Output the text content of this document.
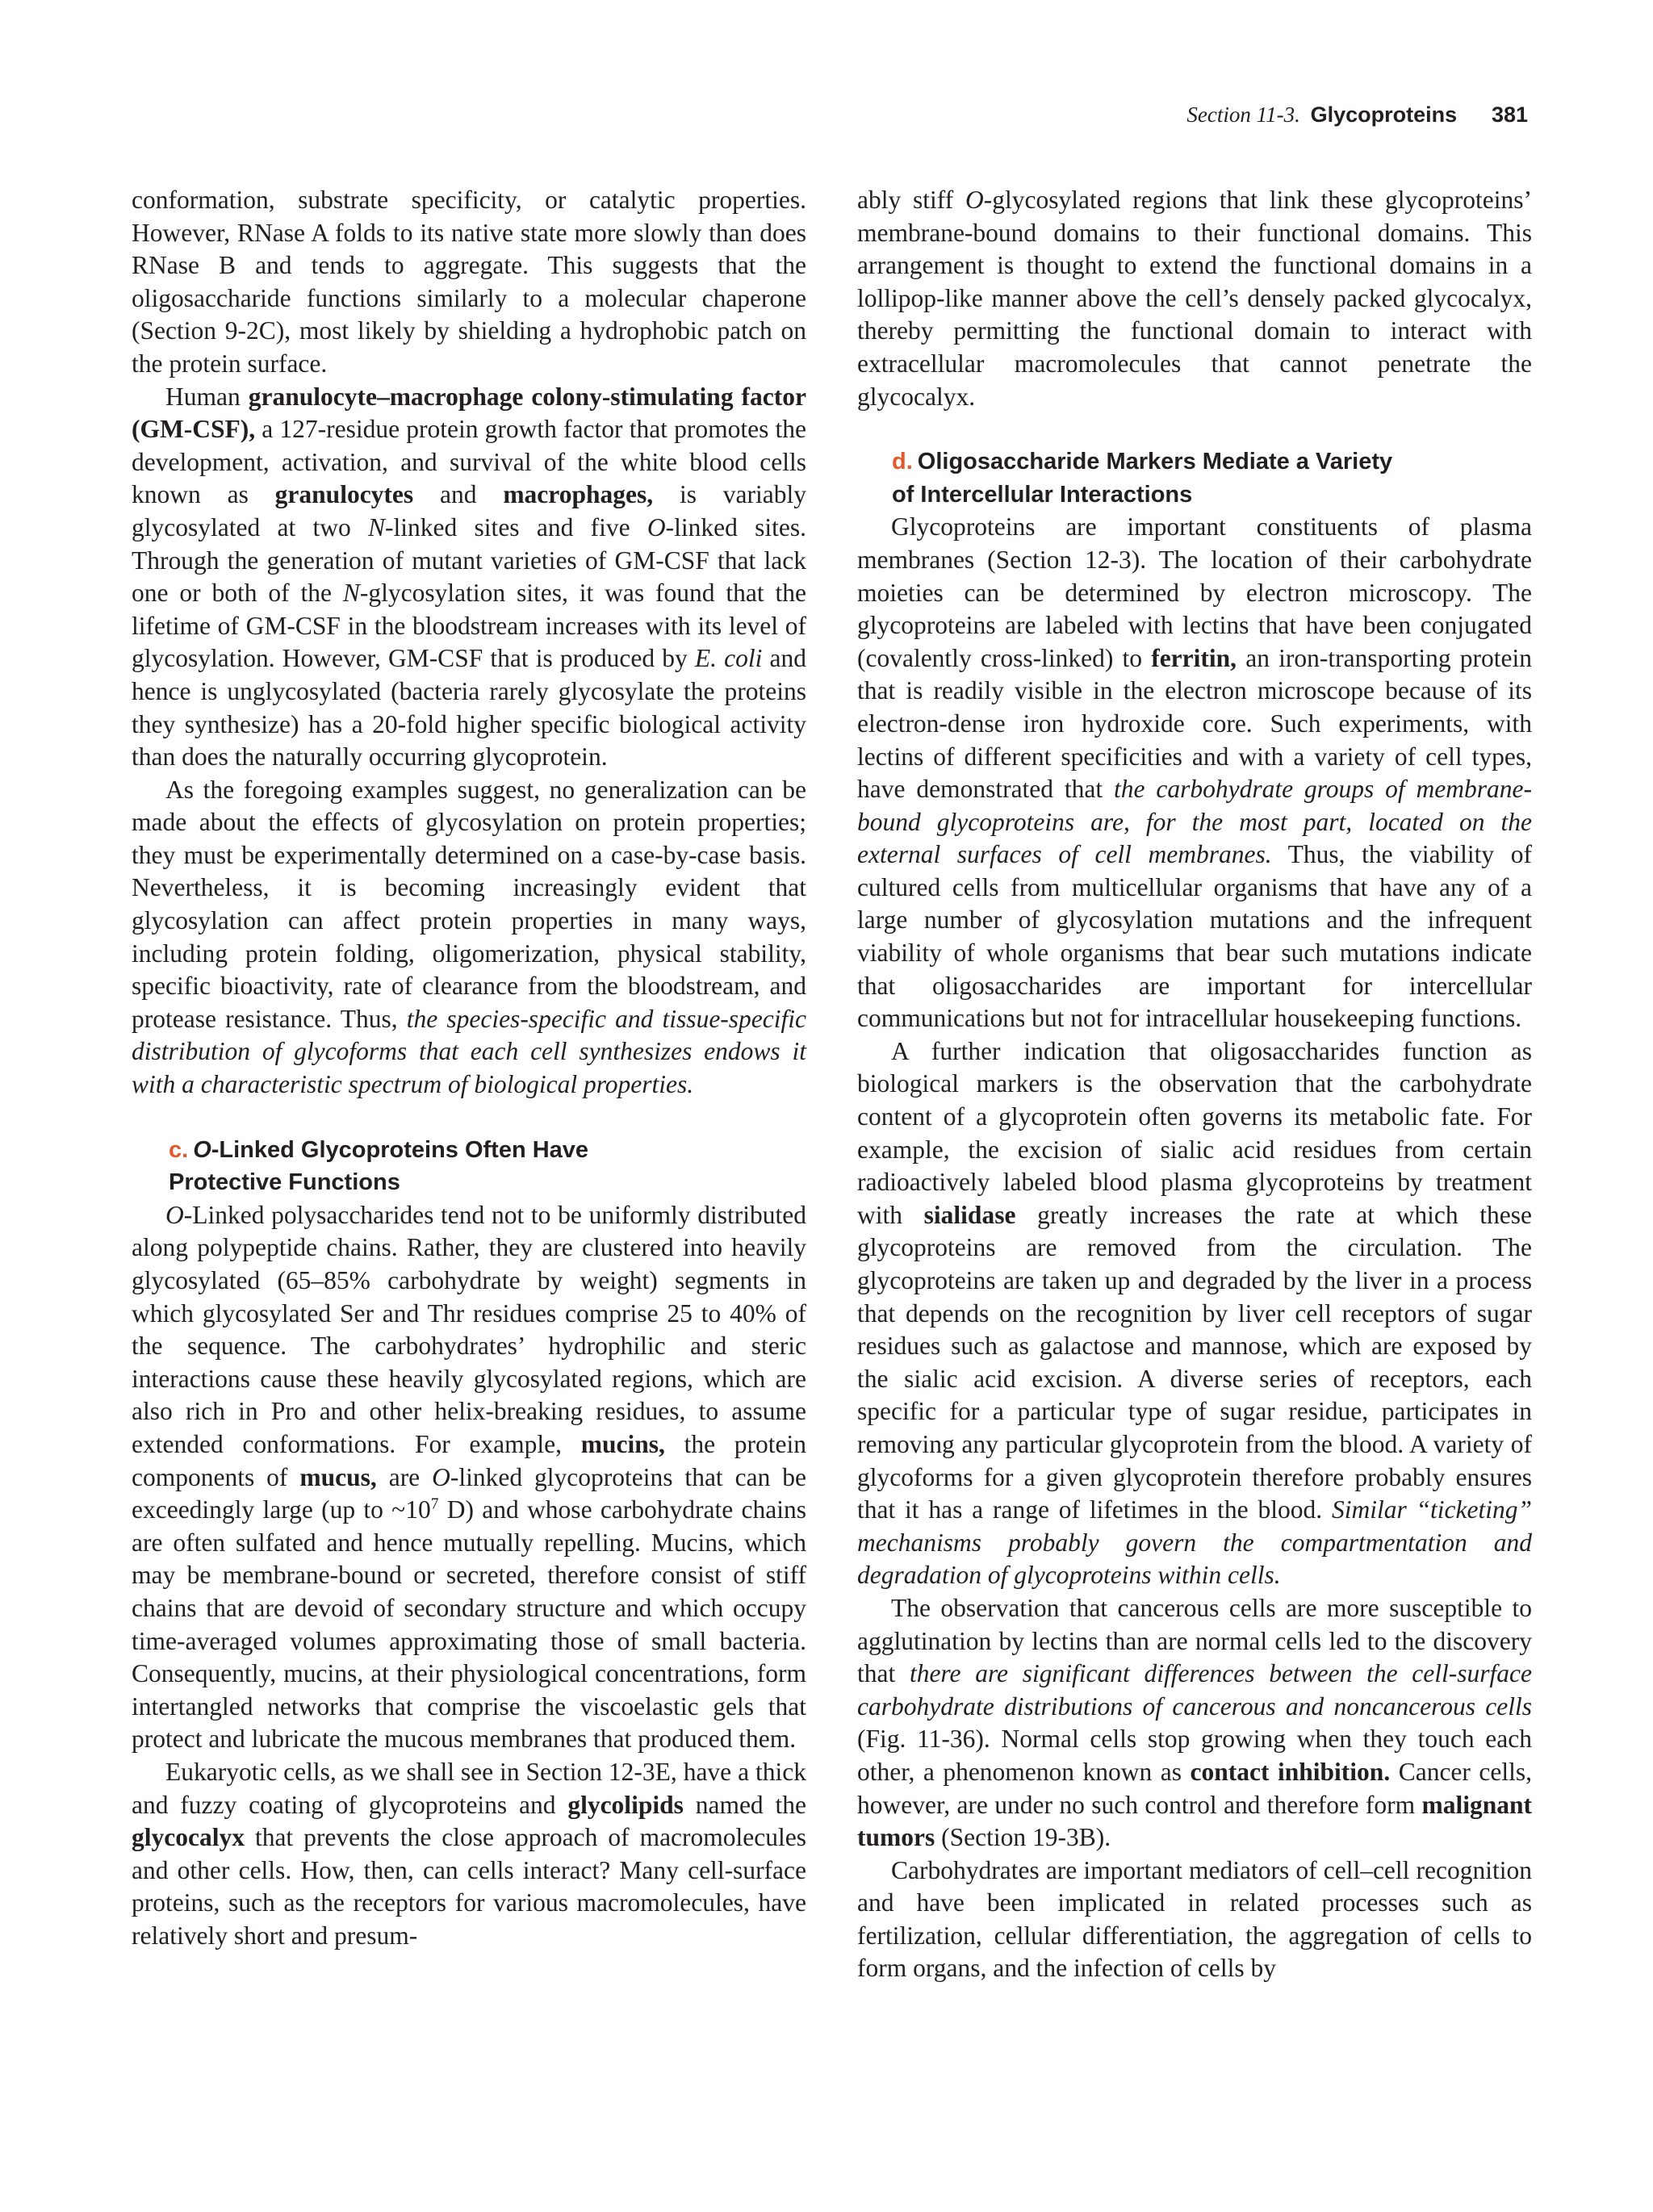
Section 11-3. Glycoproteins 381

conformation, substrate specificity, or catalytic properties. However, RNase A folds to its native state more slowly than does RNase B and tends to aggregate. This suggests that the oligosaccharide functions similarly to a molecular chaperone (Section 9-2C), most likely by shielding a hydrophobic patch on the protein surface.

Human granulocyte–macrophage colony-stimulating factor (GM-CSF), a 127-residue protein growth factor that promotes the development, activation, and survival of the white blood cells known as granulocytes and macrophages, is variably glycosylated at two N-linked sites and five O-linked sites. Through the generation of mutant varieties of GM-CSF that lack one or both of the N-glycosylation sites, it was found that the lifetime of GM-CSF in the bloodstream increases with its level of glycosylation. However, GM-CSF that is produced by E. coli and hence is unglycosylated (bacteria rarely glycosylate the proteins they synthesize) has a 20-fold higher specific biological activity than does the naturally occurring glycoprotein.

As the foregoing examples suggest, no generalization can be made about the effects of glycosylation on protein properties; they must be experimentally determined on a case-by-case basis. Nevertheless, it is becoming increasingly evident that glycosylation can affect protein properties in many ways, including protein folding, oligomerization, physical stability, specific bioactivity, rate of clearance from the bloodstream, and protease resistance. Thus, the species-specific and tissue-specific distribution of glycoforms that each cell synthesizes endows it with a characteristic spectrum of biological properties.

c. O-Linked Glycoproteins Often Have
Protective Functions

O-Linked polysaccharides tend not to be uniformly distributed along polypeptide chains. Rather, they are clustered into heavily glycosylated (65–85% carbohydrate by weight) segments in which glycosylated Ser and Thr residues comprise 25 to 40% of the sequence. The carbohydrates’ hydrophilic and steric interactions cause these heavily glycosylated regions, which are also rich in Pro and other helix-breaking residues, to assume extended conformations. For example, mucins, the protein components of mucus, are O-linked glycoproteins that can be exceedingly large (up to $\sim 10^7$ D) and whose carbohydrate chains are often sulfated and hence mutually repelling. Mucins, which may be membrane-bound or secreted, therefore consist of stiff chains that are devoid of secondary structure and which occupy time-averaged volumes approximating those of small bacteria. Consequently, mucins, at their physiological concentrations, form intertangled networks that comprise the viscoelastic gels that protect and lubricate the mucous membranes that produced them.

Eukaryotic cells, as we shall see in Section 12-3E, have a thick and fuzzy coating of glycoproteins and glycolipids named the glycocalyx that prevents the close approach of macromolecules and other cells. How, then, can cells interact? Many cell-surface proteins, such as the receptors for various macromolecules, have relatively short and presum-

ably stiff O-glycosylated regions that link these glycoproteins’ membrane-bound domains to their functional domains. This arrangement is thought to extend the functional domains in a lollipop-like manner above the cell’s densely packed glycocalyx, thereby permitting the functional domain to interact with extracellular macromolecules that cannot penetrate the glycocalyx.

d. Oligosaccharide Markers Mediate a Variety
of Intercellular Interactions

Glycoproteins are important constituents of plasma membranes (Section 12-3). The location of their carbohydrate moieties can be determined by electron microscopy. The glycoproteins are labeled with lectins that have been conjugated (covalently cross-linked) to ferritin, an iron-transporting protein that is readily visible in the electron microscope because of its electron-dense iron hydroxide core. Such experiments, with lectins of different specificities and with a variety of cell types, have demonstrated that the carbohydrate groups of membrane-bound glycoproteins are, for the most part, located on the external surfaces of cell membranes. Thus, the viability of cultured cells from multicellular organisms that have any of a large number of glycosylation mutations and the infrequent viability of whole organisms that bear such mutations indicate that oligosaccharides are important for intercellular communications but not for intracellular housekeeping functions.

A further indication that oligosaccharides function as biological markers is the observation that the carbohydrate content of a glycoprotein often governs its metabolic fate. For example, the excision of sialic acid residues from certain radioactively labeled blood plasma glycoproteins by treatment with sialidase greatly increases the rate at which these glycoproteins are removed from the circulation. The glycoproteins are taken up and degraded by the liver in a process that depends on the recognition by liver cell receptors of sugar residues such as galactose and mannose, which are exposed by the sialic acid excision. A diverse series of receptors, each specific for a particular type of sugar residue, participates in removing any particular glycoprotein from the blood. A variety of glycoforms for a given glycoprotein therefore probably ensures that it has a range of lifetimes in the blood. Similar “ticketing” mechanisms probably govern the compartmentation and degradation of glycoproteins within cells.

The observation that cancerous cells are more susceptible to agglutination by lectins than are normal cells led to the discovery that there are significant differences between the cell-surface carbohydrate distributions of cancerous and noncancerous cells (Fig. 11-36). Normal cells stop growing when they touch each other, a phenomenon known as contact inhibition. Cancer cells, however, are under no such control and therefore form malignant tumors (Section 19-3B).

Carbohydrates are important mediators of cell–cell recognition and have been implicated in related processes such as fertilization, cellular differentiation, the aggregation of cells to form organs, and the infection of cells by
